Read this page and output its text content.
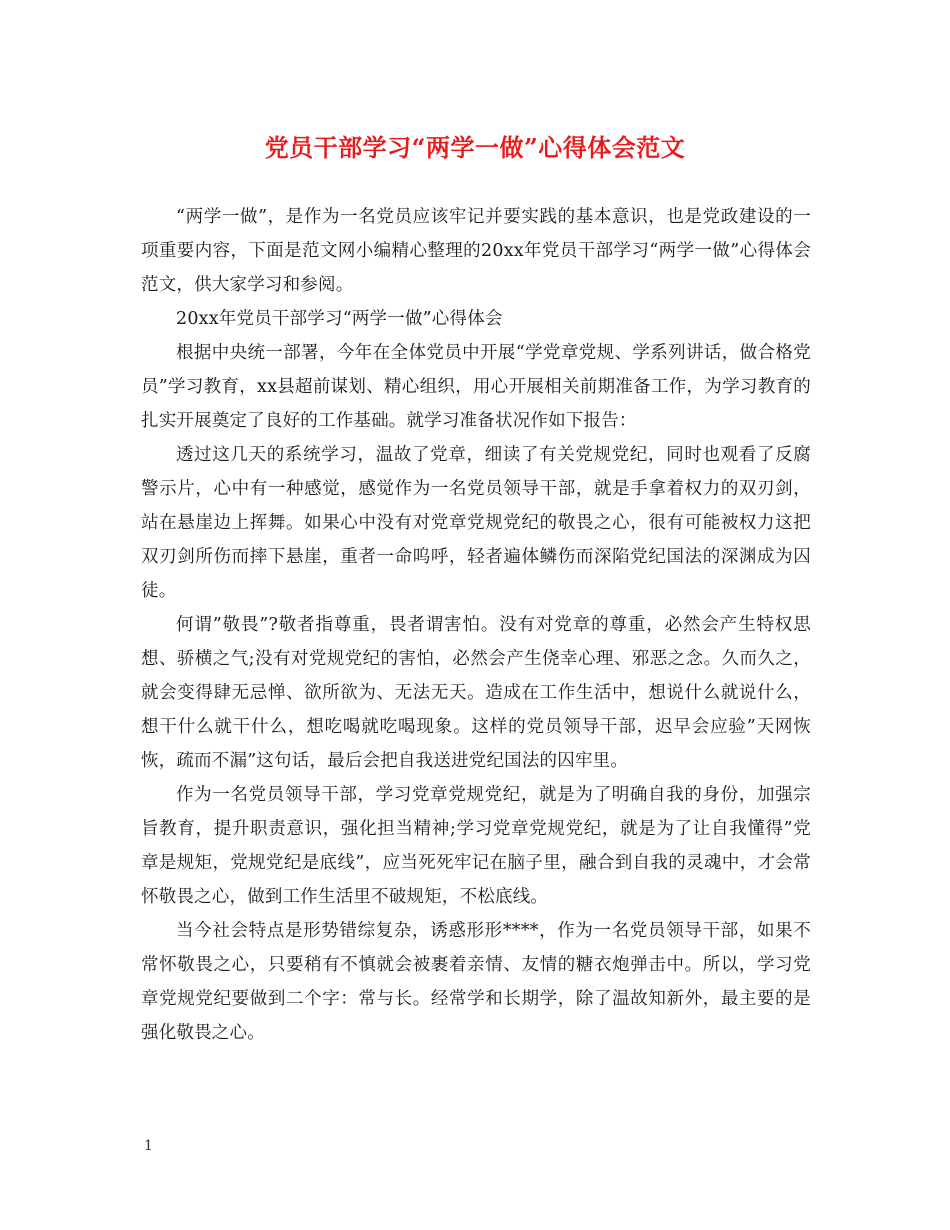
党员干部学习“两学一做”心得体会范文

“两学一做”，是作为一名党员应该牢记并要实践的基本意识，也是党政建设的一项重要内容，下面是范文网小编精心整理的20xx年党员干部学习“两学一做”心得体会范文，供大家学习和参阅。

20xx年党员干部学习“两学一做”心得体会

根据中央统一部署，今年在全体党员中开展“学党章党规、学系列讲话，做合格党员”学习教育，xx县超前谋划、精心组织，用心开展相关前期准备工作，为学习教育的扎实开展奠定了良好的工作基础。就学习准备状况作如下报告：

透过这几天的系统学习，温故了党章，细读了有关党规党纪，同时也观看了反腐警示片，心中有一种感觉，感觉作为一名党员领导干部，就是手拿着权力的双刃剑，站在悬崖边上挥舞。如果心中没有对党章党规党纪的敬畏之心，很有可能被权力这把双刃剑所伤而摔下悬崖，重者一命呜呼，轻者遍体鳞伤而深陷党纪国法的深渊成为囚徒。

何谓”敬畏”?敬者指尊重，畏者谓害怕。没有对党章的尊重，必然会产生特权思想、骄横之气;没有对党规党纪的害怕，必然会产生侥幸心理、邪恶之念。久而久之，就会变得肆无忌惮、欲所欲为、无法无天。造成在工作生活中，想说什么就说什么，想干什么就干什么，想吃喝就吃喝现象。这样的党员领导干部，迟早会应验”天网恢恢，疏而不漏”这句话，最后会把自我送进党纪国法的囚牢里。

作为一名党员领导干部，学习党章党规党纪，就是为了明确自我的身份，加强宗旨教育，提升职责意识，强化担当精神;学习党章党规党纪，就是为了让自我懂得”党章是规矩，党规党纪是底线”，应当死死牢记在脑子里，融合到自我的灵魂中，才会常怀敬畏之心，做到工作生活里不破规矩，不松底线。

当今社会特点是形势错综复杂，诱惑形形****，作为一名党员领导干部，如果不常怀敬畏之心，只要稍有不慎就会被裹着亲情、友情的糖衣炮弹击中。所以，学习党章党规党纪要做到二个字：常与长。经常学和长期学，除了温故知新外，最主要的是强化敬畏之心。

1
